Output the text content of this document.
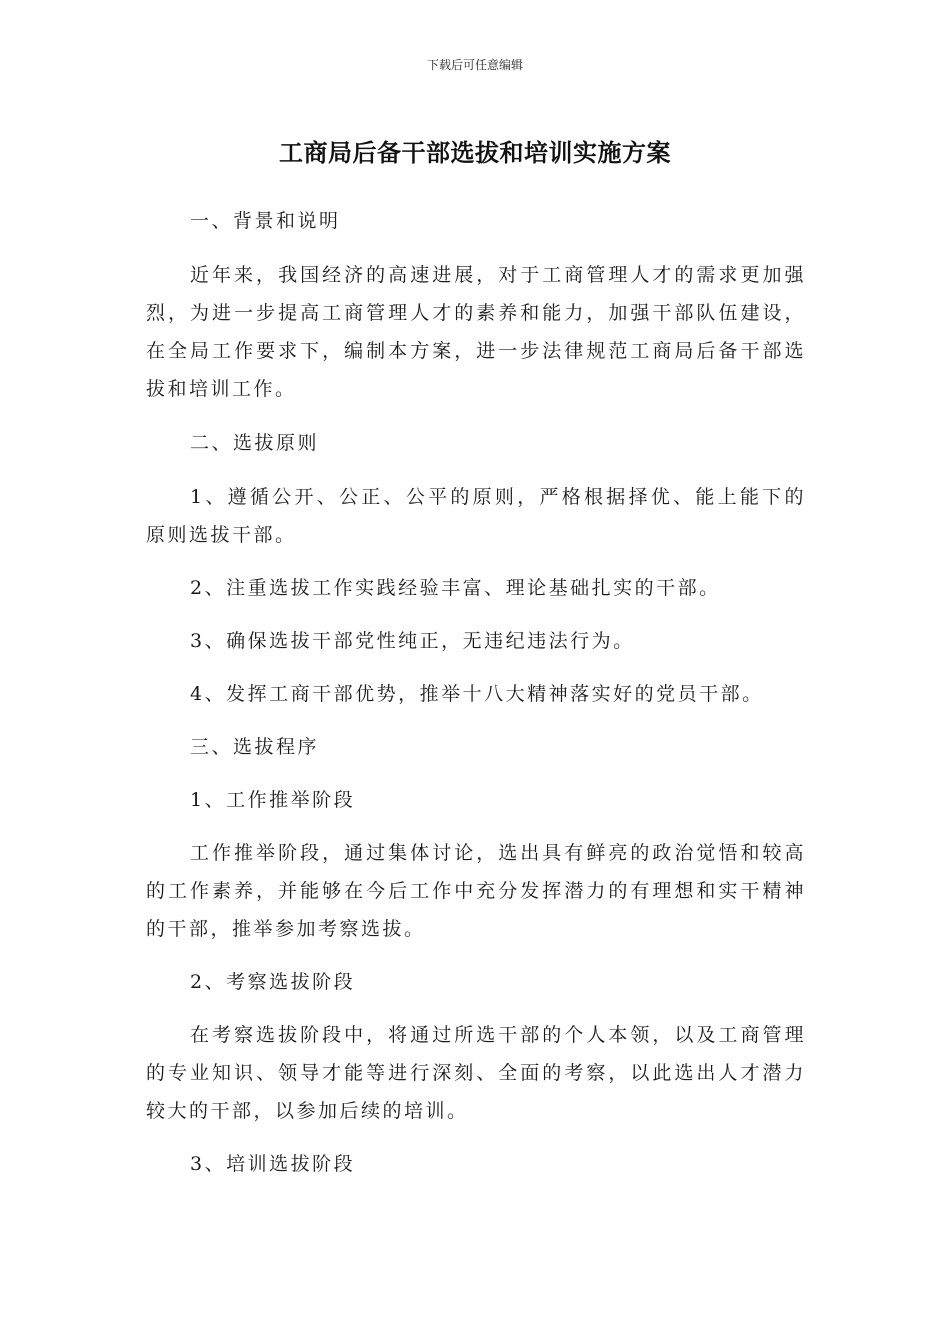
下载后可任意编辑
工商局后备干部选拔和培训实施方案

一、背景和说明

近年来，我国经济的高速进展，对于工商管理人才的需求更加强烈，为进一步提高工商管理人才的素养和能力，加强干部队伍建设，在全局工作要求下，编制本方案，进一步法律规范工商局后备干部选拔和培训工作。

二、选拔原则

1、遵循公开、公正、公平的原则，严格根据择优、能上能下的原则选拔干部。

2、注重选拔工作实践经验丰富、理论基础扎实的干部。

3、确保选拔干部党性纯正，无违纪违法行为。

4、发挥工商干部优势，推举十八大精神落实好的党员干部。

三、选拔程序

1、工作推举阶段

工作推举阶段，通过集体讨论，选出具有鲜亮的政治觉悟和较高的工作素养，并能够在今后工作中充分发挥潜力的有理想和实干精神的干部，推举参加考察选拔。

2、考察选拔阶段

在考察选拔阶段中，将通过所选干部的个人本领，以及工商管理的专业知识、领导才能等进行深刻、全面的考察，以此选出人才潜力较大的干部，以参加后续的培训。

3、培训选拔阶段
